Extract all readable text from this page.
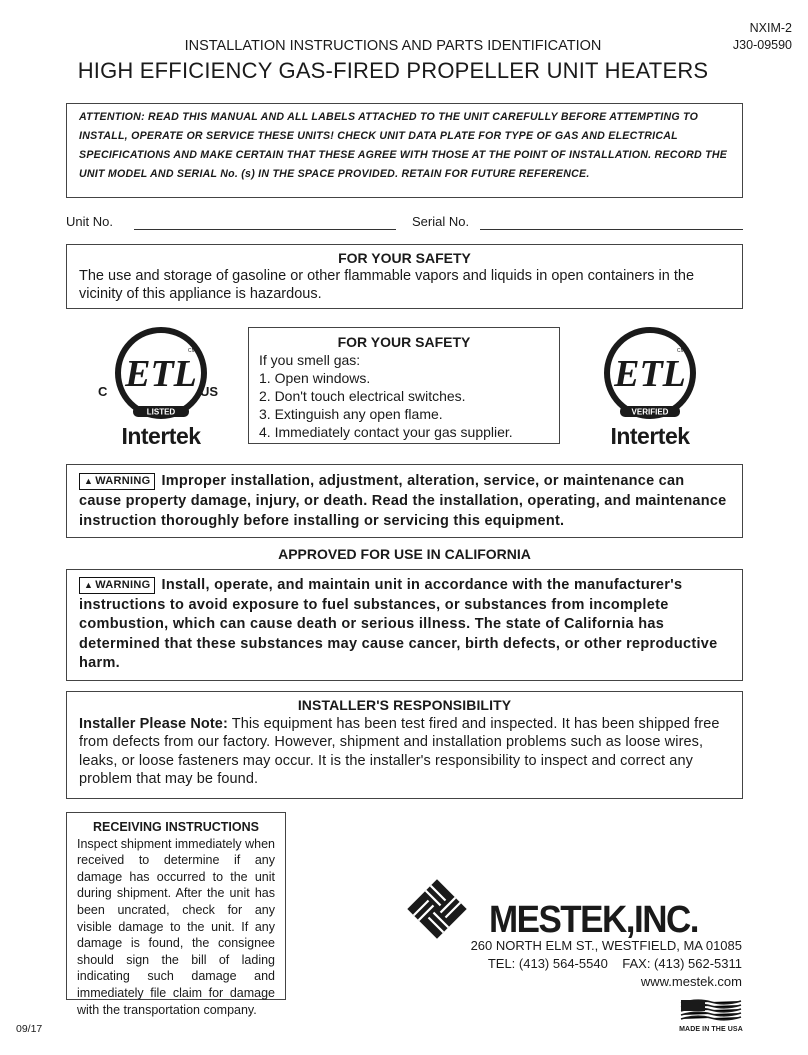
NXIM-2
J30-09590
INSTALLATION INSTRUCTIONS AND PARTS IDENTIFICATION
HIGH EFFICIENCY GAS-FIRED PROPELLER UNIT HEATERS
ATTENTION: READ THIS MANUAL AND ALL LABELS ATTACHED TO THE UNIT CAREFULLY BEFORE ATTEMPTING TO INSTALL, OPERATE OR SERVICE THESE UNITS! CHECK UNIT DATA PLATE FOR TYPE OF GAS AND ELECTRICAL SPECIFICATIONS AND MAKE CERTAIN THAT THESE AGREE WITH THOSE AT THE POINT OF INSTALLATION. RECORD THE UNIT MODEL AND SERIAL No. (s) IN THE SPACE PROVIDED. RETAIN FOR FUTURE REFERENCE.
Unit No.	Serial No.
FOR YOUR SAFETY
The use and storage of gasoline or other flammable vapors and liquids in open containers in the vicinity of this appliance is hazardous.
ETL
CM
LISTED
C	US
Intertek
FOR YOUR SAFETY
If you smell gas:
1. Open windows.
2. Don't touch electrical switches.
3. Extinguish any open flame.
4. Immediately contact your gas supplier.
ETL
CM
VERIFIED
Intertek
▲ WARNING Improper installation, adjustment, alteration, service, or maintenance can cause property damage, injury, or death. Read the installation, operating, and maintenance instruction thoroughly before installing or servicing this equipment.
APPROVED FOR USE IN CALIFORNIA
▲ WARNING Install, operate, and maintain unit in accordance with the manufacturer's instructions to avoid exposure to fuel substances, or substances from incomplete combustion, which can cause death or serious illness. The state of California has determined that these substances may cause cancer, birth defects, or other reproductive harm.
INSTALLER'S RESPONSIBILITY
Installer Please Note: This equipment has been test fired and inspected. It has been shipped free from defects from our factory. However, shipment and installation problems such as loose wires, leaks, or loose fasteners may occur. It is the installer's responsibility to inspect and correct any problem that may be found.
RECEIVING INSTRUCTIONS
Inspect shipment immediately when received to determine if any damage has occurred to the unit during shipment. After the unit has been uncrated, check for any visible damage to the unit. If any damage is found, the consignee should sign the bill of lading indicating such damage and immediately file claim for damage with the transportation company.
MESTEK,INC.
260 NORTH ELM ST., WESTFIELD, MA 01085
TEL: (413) 564-5540 FAX: (413) 562-5311
www.mestek.com
MADE IN THE USA
09/17
